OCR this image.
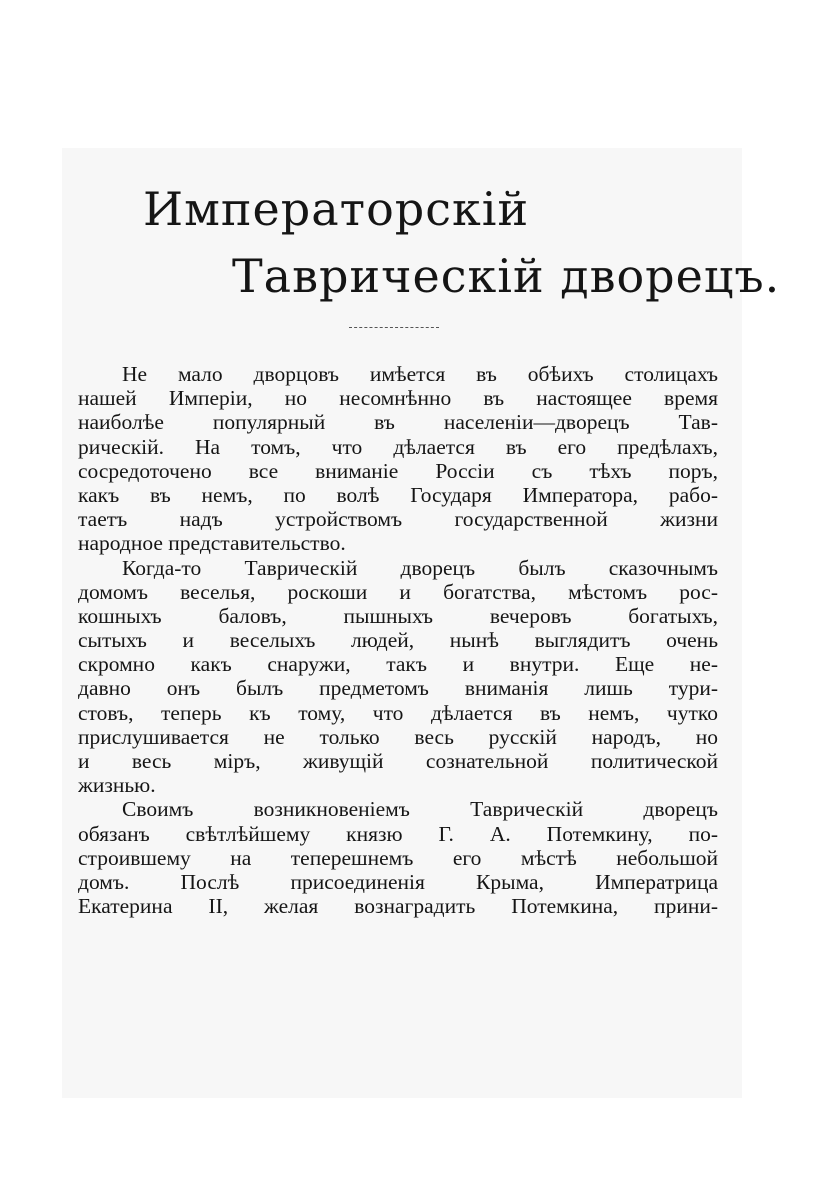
Императорскій
Таврическій дворецъ.

Не мало дворцовъ имѣется въ обѣихъ столицахъ
нашей Имперіи, но несомнѣнно въ настоящее время
наиболѣе популярный въ населеніи—дворецъ Тав-
рическій. На томъ, что дѣлается въ его предѣлахъ,
сосредоточено все вниманіе Россіи съ тѣхъ поръ,
какъ въ немъ, по волѣ Государя Императора, рабо-
таетъ надъ устройствомъ государственной жизни
народное представительство.

Когда-то Таврическій дворецъ былъ сказочнымъ
домомъ веселья, роскоши и богатства, мѣстомъ рос-
кошныхъ баловъ, пышныхъ вечеровъ богатыхъ,
сытыхъ и веселыхъ людей, нынѣ выглядитъ очень
скромно какъ снаружи, такъ и внутри. Еще не-
давно онъ былъ предметомъ вниманія лишь тури-
стовъ, теперь къ тому, что дѣлается въ немъ, чутко
прислушивается не только весь русскій народъ, но
и весь міръ, живущій сознательной политической
жизнью.

Своимъ возникновеніемъ Таврическій дворецъ
обязанъ свѣтлѣйшему князю Г. А. Потемкину, по-
строившему на теперешнемъ его мѣстѣ небольшой
домъ. Послѣ присоединенія Крыма, Императрица
Екатерина II, желая вознаградить Потемкина, прини-
